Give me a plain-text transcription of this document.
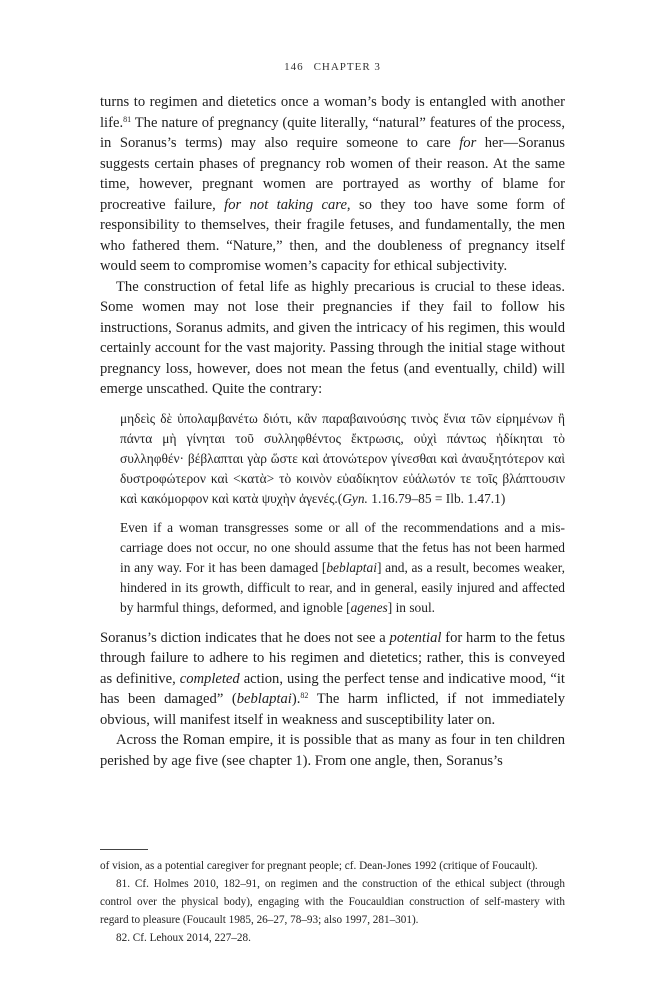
146 CHAPTER 3

turns to regimen and dietetics once a woman’s body is entangled with another life.$^{81}$ The nature of pregnancy (quite literally, “natural” features of the process, in Soranus’s terms) may also require someone to care for her—Soranus suggests certain phases of pregnancy rob women of their reason. At the same time, however, pregnant women are portrayed as worthy of blame for procreative failure, for not taking care, so they too have some form of responsibility to themselves, their fragile fetuses, and fundamentally, the men who fathered them. “Nature,” then, and the doubleness of pregnancy itself would seem to compromise women’s capacity for ethical subjectivity.

The construction of fetal life as highly precarious is crucial to these ideas. Some women may not lose their pregnancies if they fail to follow his instructions, Soranus admits, and given the intricacy of his regimen, this would certainly account for the vast majority. Passing through the initial stage without pregnancy loss, however, does not mean the fetus (and eventually, child) will emerge unscathed. Quite the contrary:

μηδεὶς δὲ ὑπολαμβανέτω διότι, κἂν παραβαινούσης τινὸς ἔνια τῶν εἰρημένων ἢ πάντα μὴ γίνηται τοῦ συλληφθέντος ἔκτρωσις, οὐχὶ πάντως ἠδίκηται τὸ συλληφθέν· βέβλαπται γὰρ ὥστε καὶ ἀτονώτερον γίνεσθαι καὶ ἀναυξητότερον καὶ δυστροφώτερον καὶ <κατὰ> τὸ κοινὸν εὐαδίκητον εὐάλωτόν τε τοῖς βλάπτουσιν καὶ κακόμορφον καὶ κατὰ ψυχὴν ἀγενές.(Gyn. 1.16.79–85 = Ilb. 1.47.1)

Even if a woman transgresses some or all of the recommendations and a miscarriage does not occur, no one should assume that the fetus has not been harmed in any way. For it has been damaged [beblaptai] and, as a result, becomes weaker, hindered in its growth, difficult to rear, and in general, easily injured and affected by harmful things, deformed, and ignoble [agenes] in soul.

Soranus’s diction indicates that he does not see a potential for harm to the fetus through failure to adhere to his regimen and dietetics; rather, this is conveyed as definitive, completed action, using the perfect tense and indicative mood, “it has been damaged” (beblaptai).$^{82}$ The harm inflicted, if not immediately obvious, will manifest itself in weakness and susceptibility later on.

Across the Roman empire, it is possible that as many as four in ten children perished by age five (see chapter 1). From one angle, then, Soranus’s

of vision, as a potential caregiver for pregnant people; cf. Dean-Jones 1992 (critique of Foucault).

81. Cf. Holmes 2010, 182–91, on regimen and the construction of the ethical subject (through control over the physical body), engaging with the Foucauldian construction of self-mastery with regard to pleasure (Foucault 1985, 26–27, 78–93; also 1997, 281–301).

82. Cf. Lehoux 2014, 227–28.
